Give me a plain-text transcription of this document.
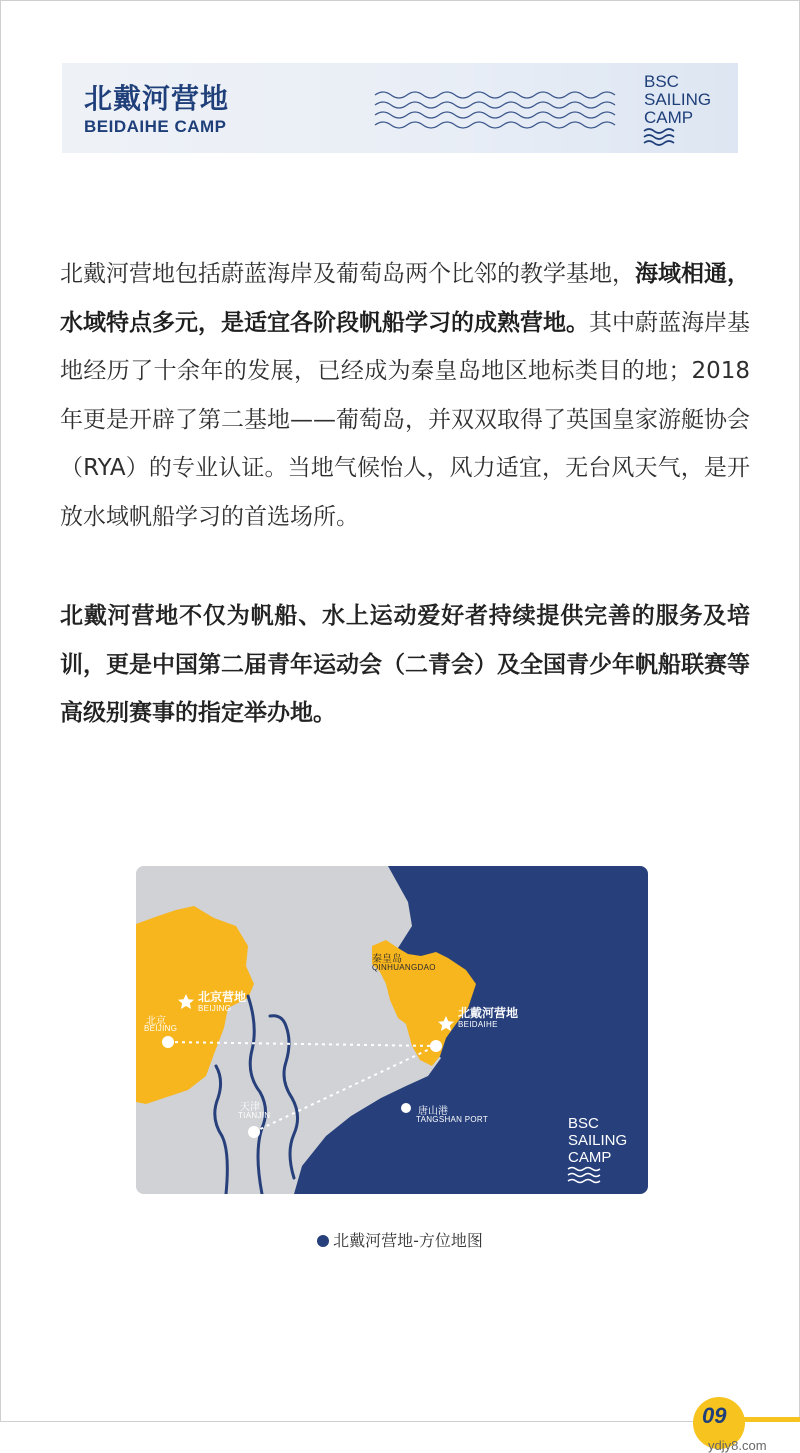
北戴河营地
BEIDAIHE CAMP
BSC
SAILING
CAMP
北戴河营地包括蔚蓝海岸及葡萄岛两个比邻的教学基地，海域相通，水域特点多元，是适宜各阶段帆船学习的成熟营地。其中蔚蓝海岸基地经历了十余年的发展，已经成为秦皇岛地区地标类目的地；2018年更是开辟了第二基地——葡萄岛，并双双取得了英国皇家游艇协会（RYA）的专业认证。当地气候怡人，风力适宜，无台风天气，是开放水域帆船学习的首选场所。
北戴河营地不仅为帆船、水上运动爱好者持续提供完善的服务及培训，更是中国第二届青年运动会（二青会）及全国青少年帆船联赛等高级别赛事的指定举办地。
BSC
SAILING
CAMP
北京营地
BEIJING
北京
BEIJING
秦皇岛
QINHUANGDAO
北戴河营地
BEIDAIHE
天津
TIANJIN	唐山港
TANGSHAN PORT
北戴河营地-方位地图
09
ydjy8.com
